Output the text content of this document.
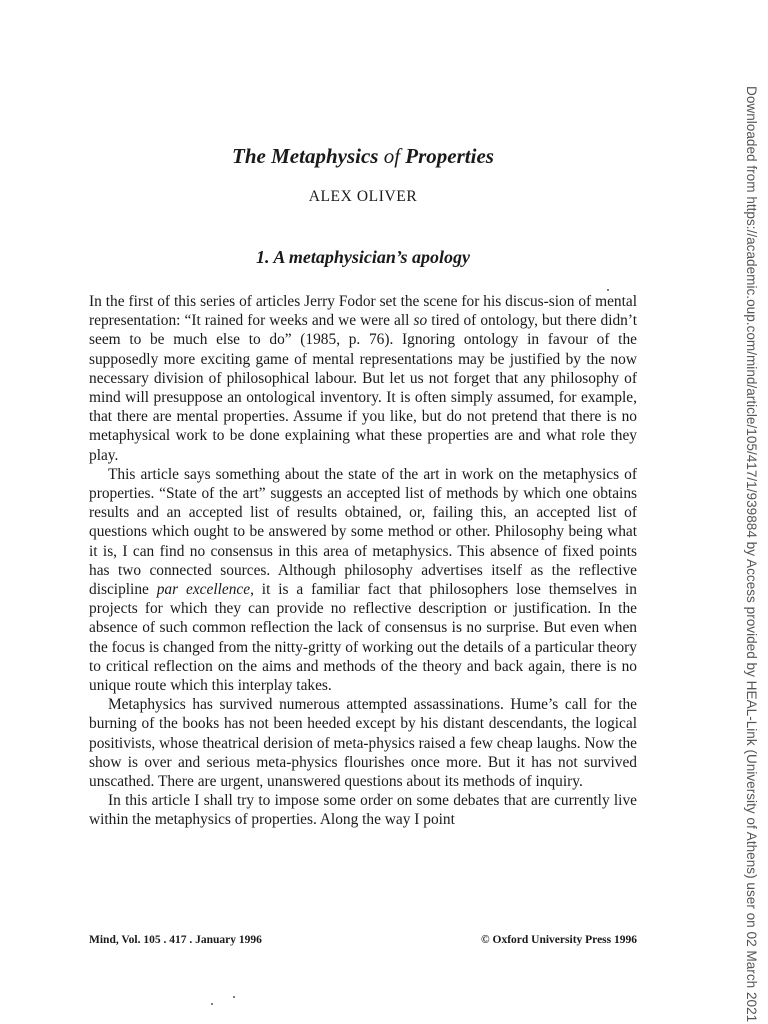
The Metaphysics of Properties

ALEX OLIVER

1. A metaphysician’s apology

In the first of this series of articles Jerry Fodor set the scene for his discus-sion of mental representation: “It rained for weeks and we were all so tired of ontology, but there didn’t seem to be much else to do” (1985, p. 76). Ignoring ontology in favour of the supposedly more exciting game of mental representations may be justified by the now necessary division of philosophical labour. But let us not forget that any philosophy of mind will presuppose an ontological inventory. It is often simply assumed, for example, that there are mental properties. Assume if you like, but do not pretend that there is no metaphysical work to be done explaining what these properties are and what role they play.

This article says something about the state of the art in work on the metaphysics of properties. “State of the art” suggests an accepted list of methods by which one obtains results and an accepted list of results obtained, or, failing this, an accepted list of questions which ought to be answered by some method or other. Philosophy being what it is, I can find no consensus in this area of metaphysics. This absence of fixed points has two connected sources. Although philosophy advertises itself as the reflective discipline par excellence, it is a familiar fact that philosophers lose themselves in projects for which they can provide no reflective description or justification. In the absence of such common reflection the lack of consensus is no surprise. But even when the focus is changed from the nitty-gritty of working out the details of a particular theory to critical reflection on the aims and methods of the theory and back again, there is no unique route which this interplay takes.

Metaphysics has survived numerous attempted assassinations. Hume’s call for the burning of the books has not been heeded except by his distant descendants, the logical positivists, whose theatrical derision of meta-physics raised a few cheap laughs. Now the show is over and serious meta-physics flourishes once more. But it has not survived unscathed. There are urgent, unanswered questions about its methods of inquiry.

In this article I shall try to impose some order on some debates that are currently live within the metaphysics of properties. Along the way I point

Mind, Vol. 105 . 417 . January 1996	© Oxford University Press 1996	Downloaded from https://academic.oup.com/mind/article/105/417/1/939884 by Access provided by HEAL-Link (University of Athens) user on 02 March 2021
